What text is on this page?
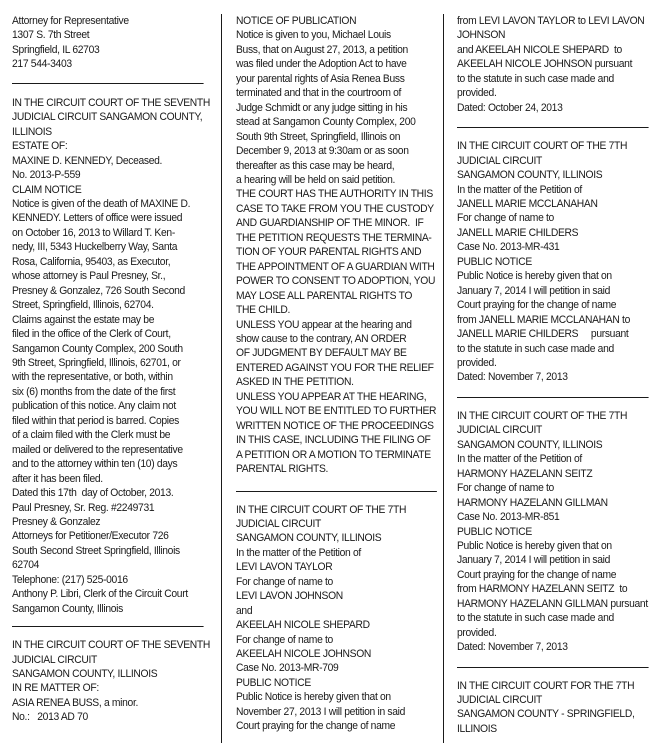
Attorney for Representative
1307 S. 7th Street
Springfield, IL 62703
217 544-3403
IN THE CIRCUIT COURT OF THE SEVENTH
JUDICIAL CIRCUIT SANGAMON COUNTY,
ILLINOIS
ESTATE OF:
MAXINE D. KENNEDY, Deceased.
No. 2013-P-559
CLAIM NOTICE
Notice is given of the death of MAXINE D.
KENNEDY. Letters of office were issued
on October 16, 2013 to Willard T. Ken-
nedy, III, 5343 Huckelberry Way, Santa
Rosa, California, 95403, as Executor,
whose attorney is Paul Presney, Sr.,
Presney & Gonzalez, 726 South Second
Street, Springfield, Illinois, 62704.
Claims against the estate may be
filed in the office of the Clerk of Court,
Sangamon County Complex, 200 South
9th Street, Springfield, Illinois, 62701, or
with the representative, or both, within
six (6) months from the date of the first
publication of this notice. Any claim not
filed within that period is barred. Copies
of a claim filed with the Clerk must be
mailed or delivered to the representative
and to the attorney within ten (10) days
after it has been filed.
Dated this 17th  day of October, 2013.
Paul Presney, Sr. Reg. #2249731
Presney & Gonzalez
Attorneys for Petitioner/Executor 726
South Second Street Springfield, Illinois
62704
Telephone: (217) 525-0016
Anthony P. Libri, Clerk of the Circuit Court
Sangamon County, Illinois
IN THE CIRCUIT COURT OF THE SEVENTH
JUDICIAL CIRCUIT
SANGAMON COUNTY, ILLINOIS
IN RE MATTER OF:
ASIA RENEA BUSS, a minor.
No.:   2013 AD 70
NOTICE OF PUBLICATION
Notice is given to you, Michael Louis
Buss, that on August 27, 2013, a petition
was filed under the Adoption Act to have
your parental rights of Asia Renea Buss
terminated and that in the courtroom of
Judge Schmidt or any judge sitting in his
stead at Sangamon County Complex, 200
South 9th Street, Springfield, Illinois on
December 9, 2013 at 9:30am or as soon
thereafter as this case may be heard,
a hearing will be held on said petition.
THE COURT HAS THE AUTHORITY IN THIS
CASE TO TAKE FROM YOU THE CUSTODY
AND GUARDIANSHIP OF THE MINOR.  IF
THE PETITION REQUESTS THE TERMINA-
TION OF YOUR PARENTAL RIGHTS AND
THE APPOINTMENT OF A GUARDIAN WITH
POWER TO CONSENT TO ADOPTION, YOU
MAY LOSE ALL PARENTAL RIGHTS TO
THE CHILD.
UNLESS YOU appear at the hearing and
show cause to the contrary, AN ORDER
OF JUDGMENT BY DEFAULT MAY BE
ENTERED AGAINST YOU FOR THE RELIEF
ASKED IN THE PETITION.
UNLESS YOU APPEAR AT THE HEARING,
YOU WILL NOT BE ENTITLED TO FURTHER
WRITTEN NOTICE OF THE PROCEEDINGS
IN THIS CASE, INCLUDING THE FILING OF
A PETITION OR A MOTION TO TERMINATE
PARENTAL RIGHTS.
IN THE CIRCUIT COURT OF THE 7TH
JUDICIAL CIRCUIT
SANGAMON COUNTY, ILLINOIS
In the matter of the Petition of
LEVI LAVON TAYLOR
For change of name to
LEVI LAVON JOHNSON
and
AKEELAH NICOLE SHEPARD
For change of name to
AKEELAH NICOLE JOHNSON
Case No. 2013-MR-709
PUBLIC NOTICE
Public Notice is hereby given that on
November 27, 2013 I will petition in said
Court praying for the change of name
from LEVI LAVON TAYLOR to LEVI LAVON
JOHNSON
and AKEELAH NICOLE SHEPARD  to
AKEELAH NICOLE JOHNSON pursuant
to the statute in such case made and
provided.
Dated: October 24, 2013
IN THE CIRCUIT COURT OF THE 7TH
JUDICIAL CIRCUIT
SANGAMON COUNTY, ILLINOIS
In the matter of the Petition of
JANELL MARIE MCCLANAHAN
For change of name to
JANELL MARIE CHILDERS
Case No. 2013-MR-431
PUBLIC NOTICE
Public Notice is hereby given that on
January 7, 2014 I will petition in said
Court praying for the change of name
from JANELL MARIE MCCLANAHAN to
JANELL MARIE CHILDERS     pursuant
to the statute in such case made and
provided.
Dated: November 7, 2013
IN THE CIRCUIT COURT OF THE 7TH
JUDICIAL CIRCUIT
SANGAMON COUNTY, ILLINOIS
In the matter of the Petition of
HARMONY HAZELANN SEITZ
For change of name to
HARMONY HAZELANN GILLMAN
Case No. 2013-MR-851
PUBLIC NOTICE
Public Notice is hereby given that on
January 7, 2014 I will petition in said
Court praying for the change of name
from HARMONY HAZELANN SEITZ  to
HARMONY HAZELANN GILLMAN pursuant
to the statute in such case made and
provided.
Dated: November 7, 2013
IN THE CIRCUIT COURT FOR THE 7TH
JUDICIAL CIRCUIT
SANGAMON COUNTY - SPRINGFIELD,
ILLINOIS
